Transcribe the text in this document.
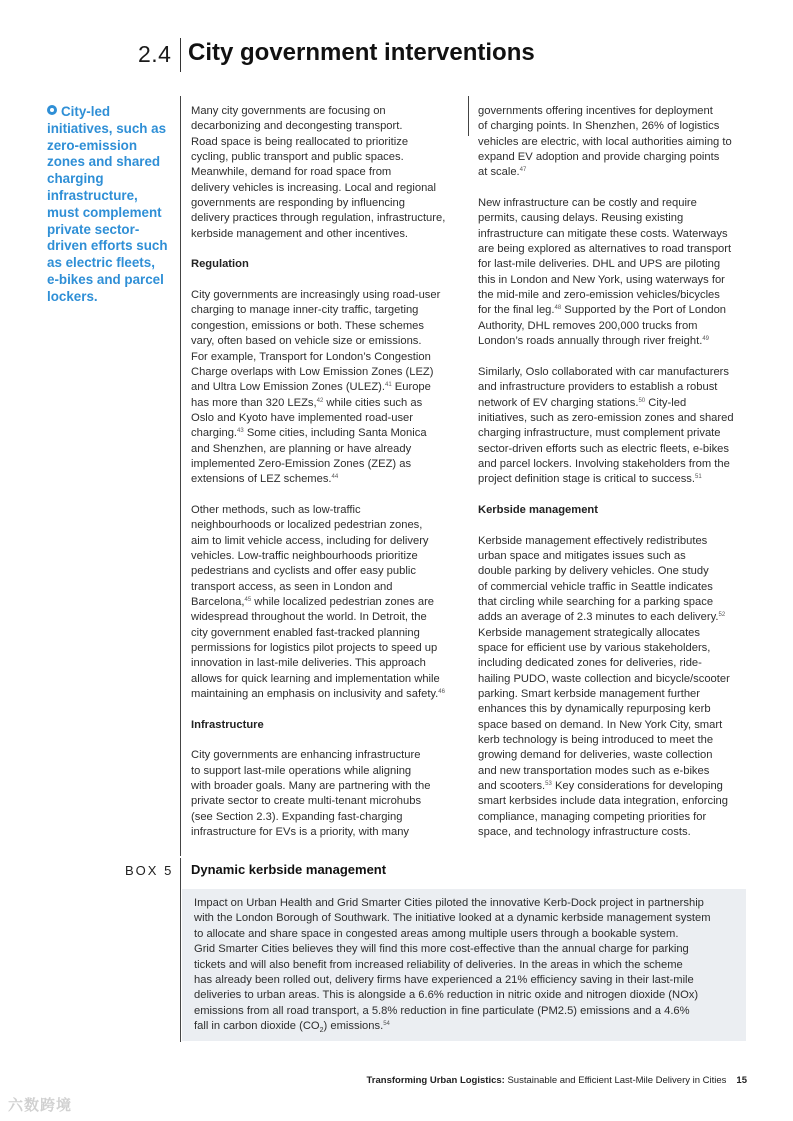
2.4 City government interventions
City-led initiatives, such as zero-emission zones and shared charging infrastructure, must complement private sector-driven efforts such as electric fleets, e-bikes and parcel lockers.

Many city governments are focusing on
decarbonizing and decongesting transport.
Road space is being reallocated to prioritize
cycling, public transport and public spaces.
Meanwhile, demand for road space from
delivery vehicles is increasing. Local and regional
governments are responding by influencing
delivery practices through regulation, infrastructure,
kerbside management and other incentives.

Regulation

City governments are increasingly using road-user
charging to manage inner-city traffic, targeting
congestion, emissions or both. These schemes
vary, often based on vehicle size or emissions.
For example, Transport for London’s Congestion
Charge overlaps with Low Emission Zones (LEZ)
and Ultra Low Emission Zones (ULEZ).$^{41}$ Europe
has more than 320 LEZs,$^{42}$ while cities such as
Oslo and Kyoto have implemented road-user
charging.$^{43}$ Some cities, including Santa Monica
and Shenzhen, are planning or have already
implemented Zero-Emission Zones (ZEZ) as
extensions of LEZ schemes.$^{44}$

Other methods, such as low-traffic
neighbourhoods or localized pedestrian zones,
aim to limit vehicle access, including for delivery
vehicles. Low-traffic neighbourhoods prioritize
pedestrians and cyclists and offer easy public
transport access, as seen in London and
Barcelona,$^{45}$ while localized pedestrian zones are
widespread throughout the world. In Detroit, the
city government enabled fast-tracked planning
permissions for logistics pilot projects to speed up
innovation in last-mile deliveries. This approach
allows for quick learning and implementation while
maintaining an emphasis on inclusivity and safety.$^{46}$

Infrastructure

City governments are enhancing infrastructure
to support last-mile operations while aligning
with broader goals. Many are partnering with the
private sector to create multi-tenant microhubs
(see Section 2.3). Expanding fast-charging
infrastructure for EVs is a priority, with many

governments offering incentives for deployment
of charging points. In Shenzhen, 26% of logistics
vehicles are electric, with local authorities aiming to
expand EV adoption and provide charging points
at scale.$^{47}$

New infrastructure can be costly and require
permits, causing delays. Reusing existing
infrastructure can mitigate these costs. Waterways
are being explored as alternatives to road transport
for last-mile deliveries. DHL and UPS are piloting
this in London and New York, using waterways for
the mid-mile and zero-emission vehicles/bicycles
for the final leg.$^{48}$ Supported by the Port of London
Authority, DHL removes 200,000 trucks from
London’s roads annually through river freight.$^{49}$

Similarly, Oslo collaborated with car manufacturers
and infrastructure providers to establish a robust
network of EV charging stations.$^{50}$ City-led
initiatives, such as zero-emission zones and shared
charging infrastructure, must complement private
sector-driven efforts such as electric fleets, e-bikes
and parcel lockers. Involving stakeholders from the
project definition stage is critical to success.$^{51}$

Kerbside management

Kerbside management effectively redistributes
urban space and mitigates issues such as
double parking by delivery vehicles. One study
of commercial vehicle traffic in Seattle indicates
that circling while searching for a parking space
adds an average of 2.3 minutes to each delivery.$^{52}$
Kerbside management strategically allocates
space for efficient use by various stakeholders,
including dedicated zones for deliveries, ride-
hailing PUDO, waste collection and bicycle/scooter
parking. Smart kerbside management further
enhances this by dynamically repurposing kerb
space based on demand. In New York City, smart
kerb technology is being introduced to meet the
growing demand for deliveries, waste collection
and new transportation modes such as e-bikes
and scooters.$^{53}$ Key considerations for developing
smart kerbsides include data integration, enforcing
compliance, managing competing priorities for
space, and technology infrastructure costs.

BOX 5 Dynamic kerbside management
Impact on Urban Health and Grid Smarter Cities piloted the innovative Kerb-Dock project in partnership
with the London Borough of Southwark. The initiative looked at a dynamic kerbside management system
to allocate and share space in congested areas among multiple users through a bookable system.
Grid Smarter Cities believes they will find this more cost-effective than the annual charge for parking
tickets and will also benefit from increased reliability of deliveries. In the areas in which the scheme
has already been rolled out, delivery firms have experienced a 21% efficiency saving in their last-mile
deliveries to urban areas. This is alongside a 6.6% reduction in nitric oxide and nitrogen dioxide (NOx)
emissions from all road transport, a 5.8% reduction in fine particulate (PM2.5) emissions and a 4.6%
fall in carbon dioxide $(CO_2)$ emissions.$^{54}$
Transforming Urban Logistics: Sustainable and Efficient Last-Mile Delivery in Cities 15
六数跨境
